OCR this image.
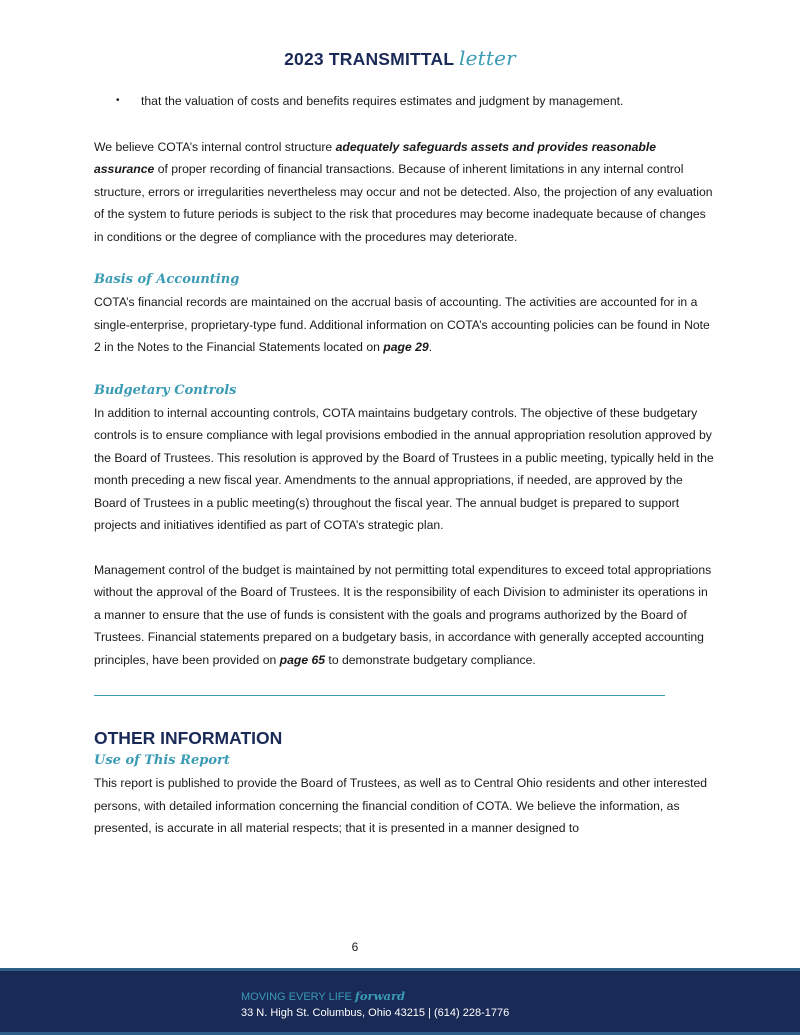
2023 TRANSMITTAL letter
•	that the valuation of costs and benefits requires estimates and judgment by management.

We believe COTA’s internal control structure adequately safeguards assets and provides reasonable assurance of proper recording of financial transactions. Because of inherent limitations in any internal control structure, errors or irregularities nevertheless may occur and not be detected. Also, the projection of any evaluation of the system to future periods is subject to the risk that procedures may become inadequate because of changes in conditions or the degree of compliance with the procedures may deteriorate.

Basis of Accounting

COTA’s financial records are maintained on the accrual basis of accounting. The activities are accounted for in a single-enterprise, proprietary-type fund. Additional information on COTA’s accounting policies can be found in Note 2 in the Notes to the Financial Statements located on page 29.

Budgetary Controls

In addition to internal accounting controls, COTA maintains budgetary controls. The objective of these budgetary controls is to ensure compliance with legal provisions embodied in the annual appropriation resolution approved by the Board of Trustees. This resolution is approved by the Board of Trustees in a public meeting, typically held in the month preceding a new fiscal year. Amendments to the annual appropriations, if needed, are approved by the Board of Trustees in a public meeting(s) throughout the fiscal year. The annual budget is prepared to support projects and initiatives identified as part of COTA’s strategic plan.

Management control of the budget is maintained by not permitting total expenditures to exceed total appropriations without the approval of the Board of Trustees. It is the responsibility of each Division to administer its operations in a manner to ensure that the use of funds is consistent with the goals and programs authorized by the Board of Trustees. Financial statements prepared on a budgetary basis, in accordance with generally accepted accounting principles, have been provided on page 65 to demonstrate budgetary compliance.

OTHER INFORMATION
Use of This Report

This report is published to provide the Board of Trustees, as well as to Central Ohio residents and other interested persons, with detailed information concerning the financial condition of COTA. We believe the information, as presented, is accurate in all material respects; that it is presented in a manner designed to

6
MOVING EVERY LIFE forward
33 N. High St. Columbus, Ohio 43215 | (614) 228-1776
